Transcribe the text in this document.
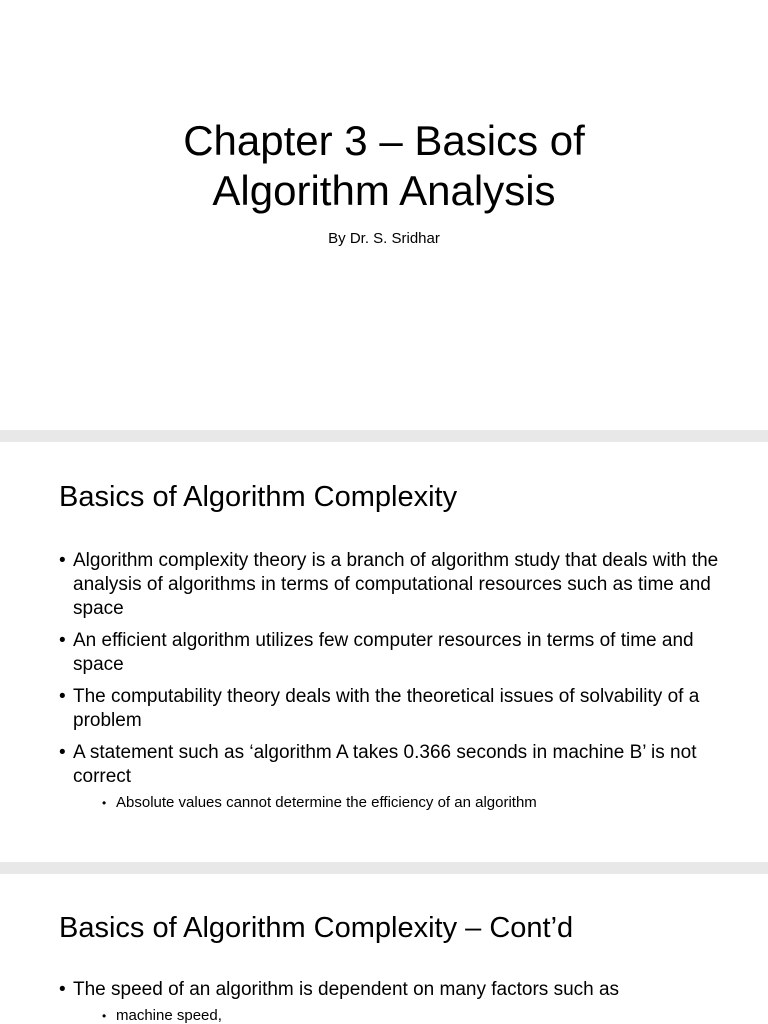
Chapter 3 – Basics of
Algorithm Analysis
By Dr. S. Sridhar
Basics of Algorithm Complexity
• Algorithm complexity theory is a branch of algorithm study that deals with the analysis of algorithms in terms of computational resources such as time and space
• An efficient algorithm utilizes few computer resources in terms of time and space
• The computability theory deals with the theoretical issues of solvability of a problem
• A statement such as ‘algorithm A takes 0.366 seconds in machine B’ is not correct
• Absolute values cannot determine the efficiency of an algorithm
Basics of Algorithm Complexity – Cont’d
• The speed of an algorithm is dependent on many factors such as
• machine speed,
